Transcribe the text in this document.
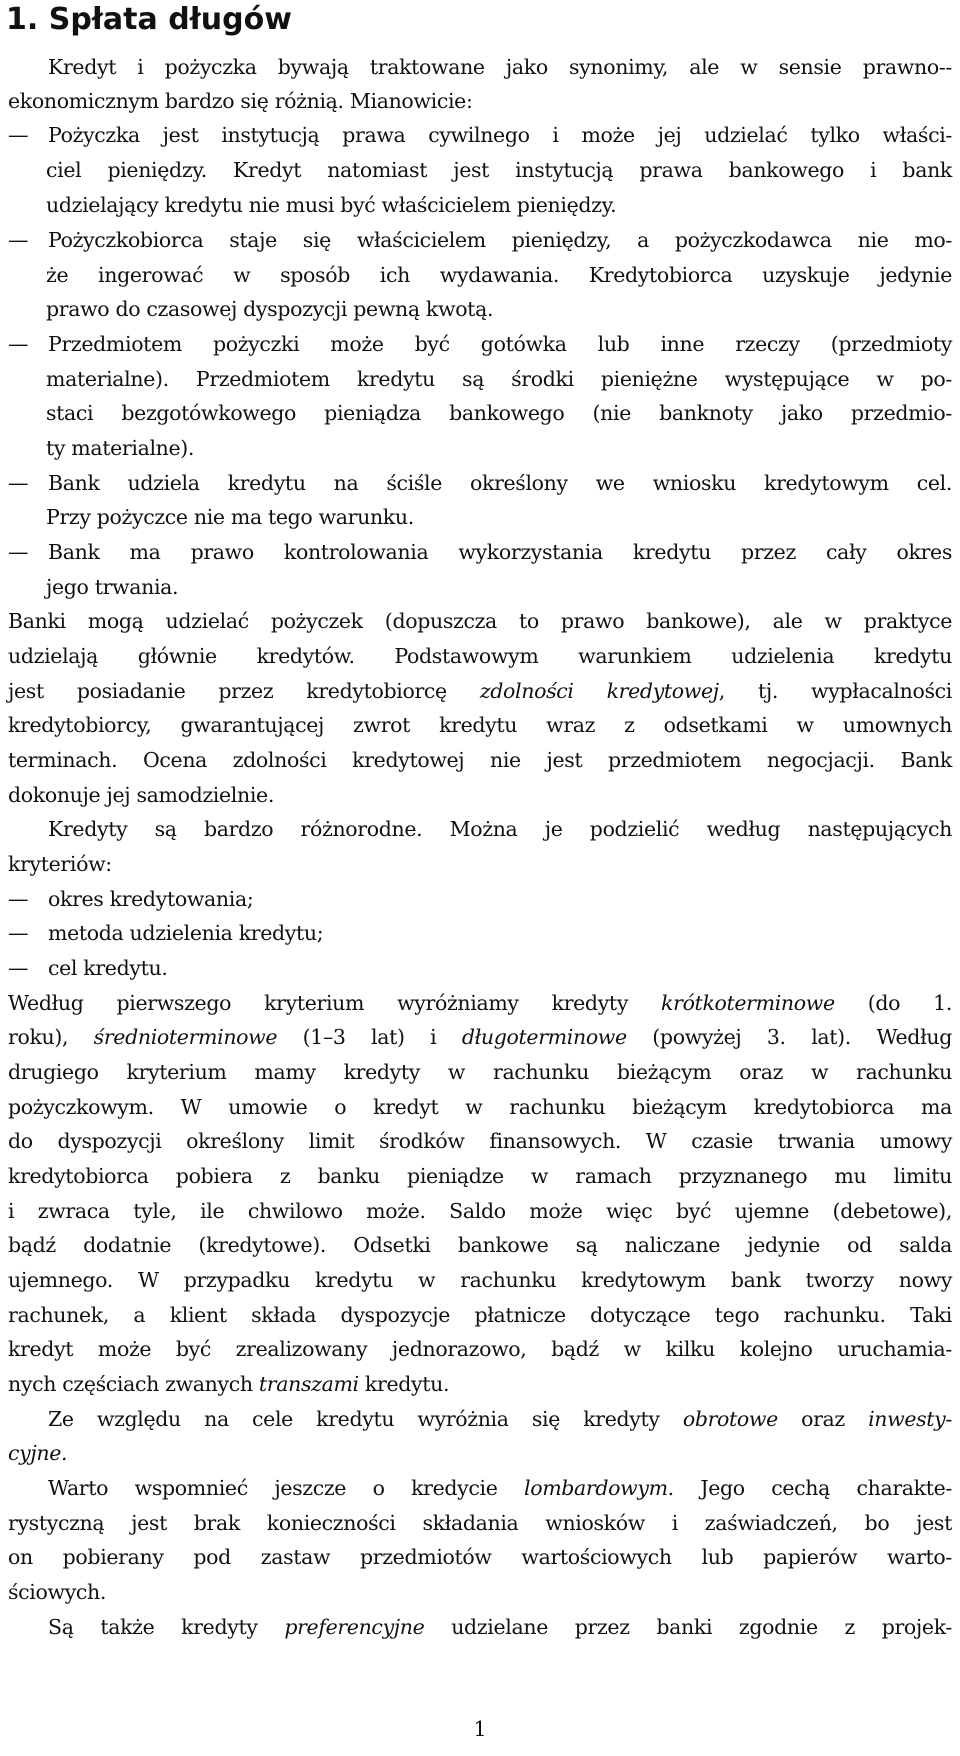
1. Spłata długów

Kredyt i pożyczka bywają traktowane jako synonimy, ale w sensie prawno--

ekonomicznym bardzo się różnią. Mianowicie:

— Pożyczka jest instytucją prawa cywilnego i może jej udzielać tylko właści-

ciel pieniędzy. Kredyt natomiast jest instytucją prawa bankowego i bank

udzielający kredytu nie musi być właścicielem pieniędzy.

— Pożyczkobiorca staje się właścicielem pieniędzy, a pożyczkodawca nie mo-

że ingerować w sposób ich wydawania. Kredytobiorca uzyskuje jedynie

prawo do czasowej dyspozycji pewną kwotą.

— Przedmiotem pożyczki może być gotówka lub inne rzeczy (przedmioty

materialne). Przedmiotem kredytu są środki pieniężne występujące w po-

staci bezgotówkowego pieniądza bankowego (nie banknoty jako przedmio-

ty materialne).

— Bank udziela kredytu na ściśle określony we wniosku kredytowym cel.

Przy pożyczce nie ma tego warunku.

— Bank ma prawo kontrolowania wykorzystania kredytu przez cały okres

jego trwania.

Banki mogą udzielać pożyczek (dopuszcza to prawo bankowe), ale w praktyce

udzielają głównie kredytów. Podstawowym warunkiem udzielenia kredytu

jest posiadanie przez kredytobiorcę zdolności kredytowej, tj. wypłacalności

kredytobiorcy, gwarantującej zwrot kredytu wraz z odsetkami w umownych

terminach. Ocena zdolności kredytowej nie jest przedmiotem negocjacji. Bank

dokonuje jej samodzielnie.

Kredyty są bardzo różnorodne. Można je podzielić według następujących

kryteriów:

— okres kredytowania;

— metoda udzielenia kredytu;

— cel kredytu.

Według pierwszego kryterium wyróżniamy kredyty krótkoterminowe (do 1.

roku), średnioterminowe (1–3 lat) i długoterminowe (powyżej 3. lat). Według

drugiego kryterium mamy kredyty w rachunku bieżącym oraz w rachunku

pożyczkowym. W umowie o kredyt w rachunku bieżącym kredytobiorca ma

do dyspozycji określony limit środków finansowych. W czasie trwania umowy

kredytobiorca pobiera z banku pieniądze w ramach przyznanego mu limitu

i zwraca tyle, ile chwilowo może. Saldo może więc być ujemne (debetowe),

bądź dodatnie (kredytowe). Odsetki bankowe są naliczane jedynie od salda

ujemnego. W przypadku kredytu w rachunku kredytowym bank tworzy nowy

rachunek, a klient składa dyspozycje płatnicze dotyczące tego rachunku. Taki

kredyt może być zrealizowany jednorazowo, bądź w kilku kolejno uruchamia-

nych częściach zwanych transzami kredytu.

Ze względu na cele kredytu wyróżnia się kredyty obrotowe oraz inwesty-

cyjne.

Warto wspomnieć jeszcze o kredycie lombardowym. Jego cechą charakte-

rystyczną jest brak konieczności składania wniosków i zaświadczeń, bo jest

on pobierany pod zastaw przedmiotów wartościowych lub papierów warto-

ściowych.

Są także kredyty preferencyjne udzielane przez banki zgodnie z projek-

1
